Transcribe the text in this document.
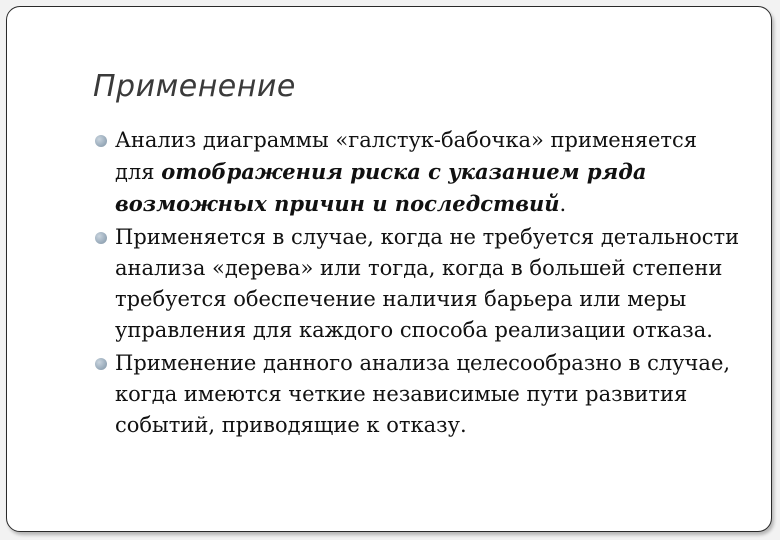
Применение
Анализ диаграммы «галстук-бабочка» применяется для отображения риска с указанием ряда возможных причин и последствий.
Применяется в случае, когда не требуется детальности анализа «дерева» или тогда, когда в большей степени требуется обеспечение наличия барьера или меры управления для каждого способа реализации отказа.
Применение данного анализа целесообразно в случае, когда имеются четкие независимые пути развития событий, приводящие к отказу.
